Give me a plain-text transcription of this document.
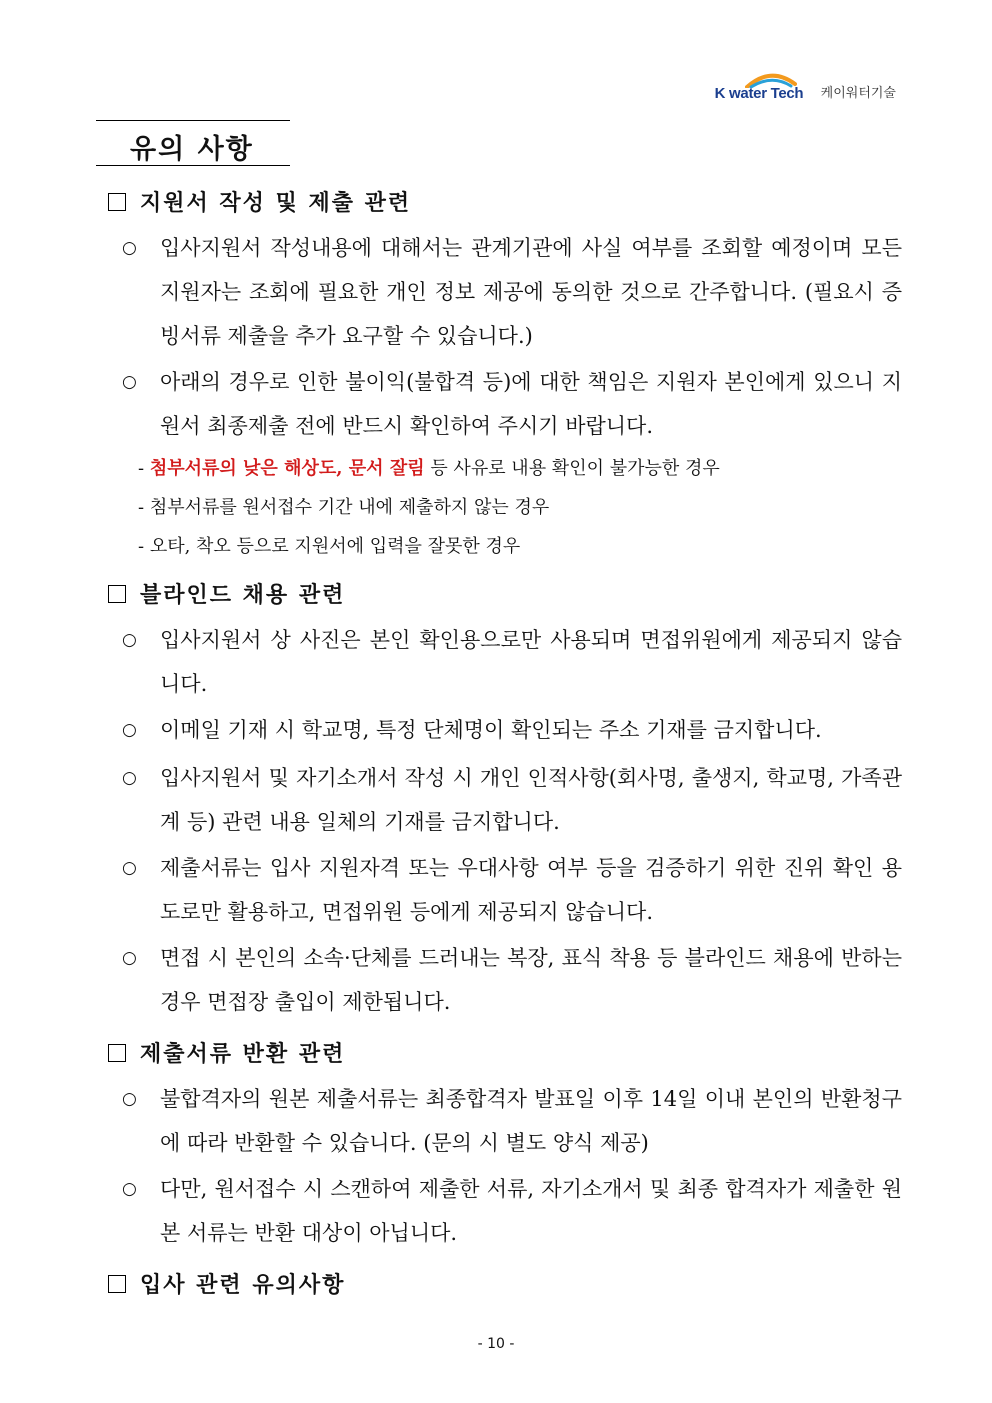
K water Tech 케이워터기술
유의 사항
지원서 작성 및 제출 관련
○ 입사지원서 작성내용에 대해서는 관계기관에 사실 여부를 조회할 예정이며 모든 지원자는 조회에 필요한 개인 정보 제공에 동의한 것으로 간주합니다. (필요시 증빙서류 제출을 추가 요구할 수 있습니다.)
○ 아래의 경우로 인한 불이익(불합격 등)에 대한 책임은 지원자 본인에게 있으니 지원서 최종제출 전에 반드시 확인하여 주시기 바랍니다.
- 첨부서류의 낮은 해상도, 문서 잘림 등 사유로 내용 확인이 불가능한 경우
- 첨부서류를 원서접수 기간 내에 제출하지 않는 경우
- 오타, 착오 등으로 지원서에 입력을 잘못한 경우
블라인드 채용 관련
○ 입사지원서 상 사진은 본인 확인용으로만 사용되며 면접위원에게 제공되지 않습니다.
○ 이메일 기재 시 학교명, 특정 단체명이 확인되는 주소 기재를 금지합니다.
○ 입사지원서 및 자기소개서 작성 시 개인 인적사항(회사명, 출생지, 학교명, 가족관계 등) 관련 내용 일체의 기재를 금지합니다.
○ 제출서류는 입사 지원자격 또는 우대사항 여부 등을 검증하기 위한 진위 확인 용도로만 활용하고, 면접위원 등에게 제공되지 않습니다.
○ 면접 시 본인의 소속·단체를 드러내는 복장, 표식 착용 등 블라인드 채용에 반하는 경우 면접장 출입이 제한됩니다.
제출서류 반환 관련
○ 불합격자의 원본 제출서류는 최종합격자 발표일 이후 14일 이내 본인의 반환청구에 따라 반환할 수 있습니다. (문의 시 별도 양식 제공)
○ 다만, 원서접수 시 스캔하여 제출한 서류, 자기소개서 및 최종 합격자가 제출한 원본 서류는 반환 대상이 아닙니다.
입사 관련 유의사항
- 10 -
